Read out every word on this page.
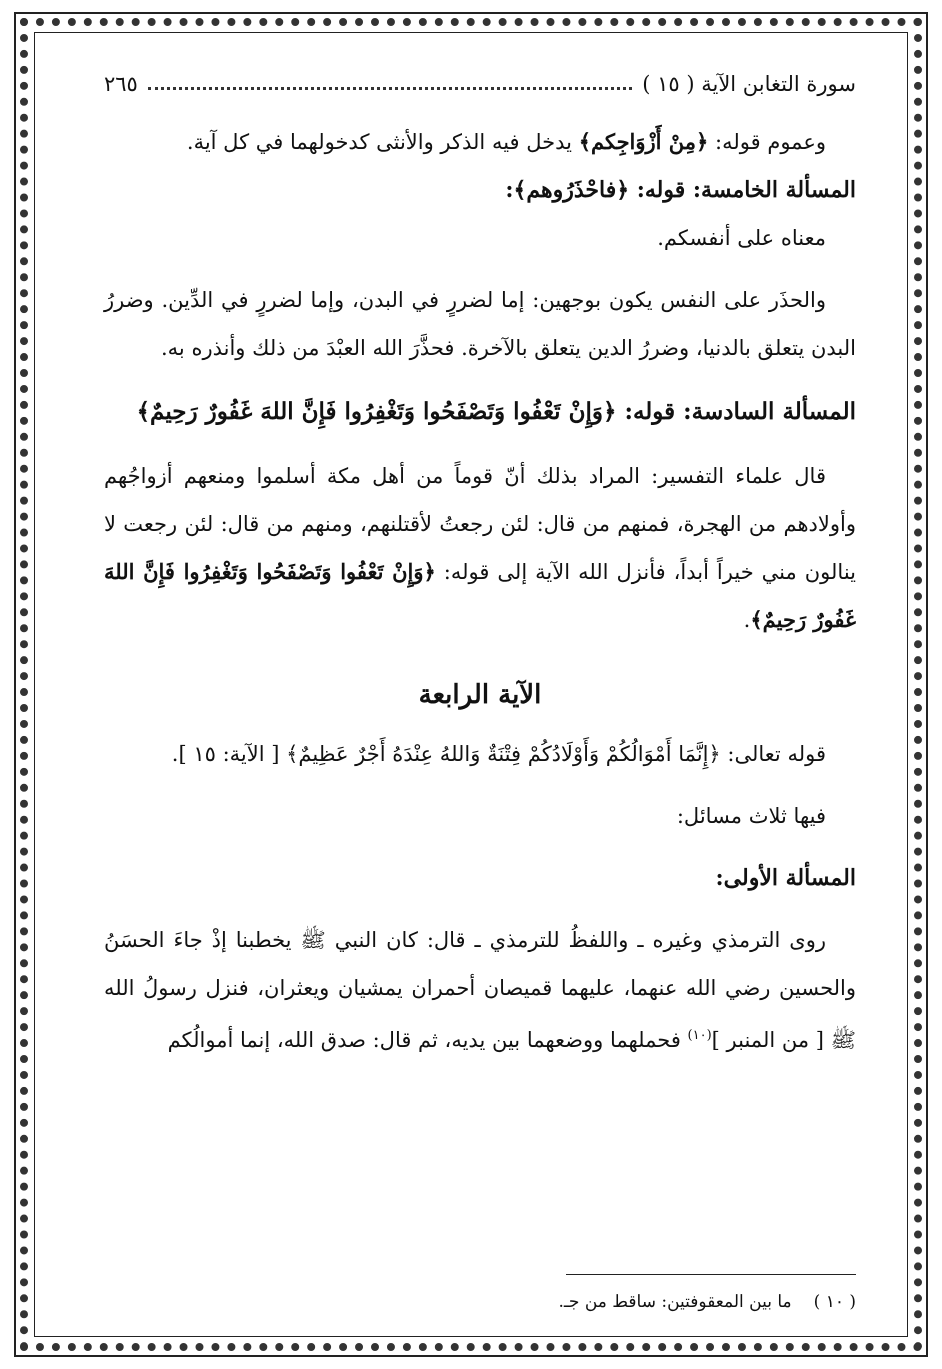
سورة التغابن الآية ( ١٥ )
٢٦٥

وعموم قوله: ﴿مِنْ أَزْوَاجِكم﴾ يدخل فيه الذكر والأنثى كدخولهما في كل آية.

المسألة الخامسة: قوله: ﴿فاحْذَرُوهم﴾:

معناه على أنفسكم.

والحذَر على النفس يكون بوجهين: إما لضررٍ في البدن، وإما لضررٍ في الدِّين. وضررُ البدن يتعلق بالدنيا، وضررُ الدين يتعلق بالآخرة. فحذَّرَ الله العبْدَ من ذلك وأنذره به.

المسألة السادسة: قوله: ﴿وَإِنْ تَعْفُوا وَتَصْفَحُوا وَتَغْفِرُوا فَإِنَّ اللهَ غَفُورٌ رَحِيمٌ﴾

قال علماء التفسير: المراد بذلك أنّ قوماً من أهل مكة أسلموا ومنعهم أزواجُهم وأولادهم من الهجرة، فمنهم من قال: لئن رجعتُ لأقتلنهم، ومنهم من قال: لئن رجعت لا ينالون مني خيراً أبداً، فأنزل الله الآية إلى قوله: ﴿وَإِنْ تَعْفُوا وَتَصْفَحُوا وَتَغْفِرُوا فَإِنَّ اللهَ غَفُورٌ رَحِيمٌ﴾.

الآية الرابعة

قوله تعالى: ﴿إِنَّمَا أَمْوَالُكُمْ وَأَوْلَادُكُمْ فِتْنَةٌ وَاللهُ عِنْدَهُ أَجْرٌ عَظِيمٌ﴾ [ الآية: ١٥ ].

فيها ثلاث مسائل:

المسألة الأولى:

روى الترمذي وغيره ـ واللفظُ للترمذي ـ قال: كان النبي ﷺ يخطبنا إذْ جاءَ الحسَنُ والحسين رضي الله عنهما، عليهما قميصان أحمران يمشيان ويعثران، فنزل رسولُ الله ﷺ [ من المنبر ]$^{(١٠)}$ فحملهما ووضعهما بين يديه، ثم قال: صدق الله، إنما أموالُكم

( ١٠ )ما بين المعقوفتين: ساقط من جـ.
